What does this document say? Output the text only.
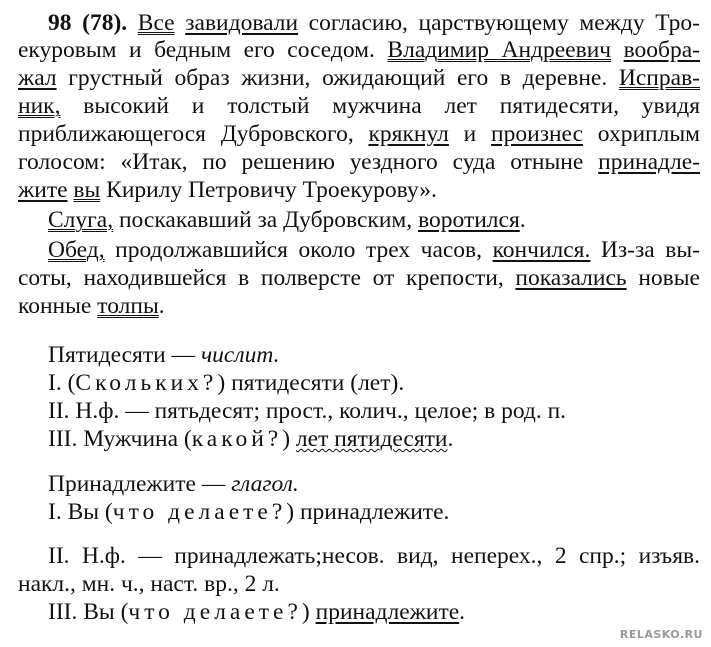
98 (78). Все завидовали согласию, царствующему между Тро-
екуровым и бедным его соседом. Владимир Андреевич вообра-
жал грустный образ жизни, ожидающий его в деревне. Исправ-
ник, высокий и толстый мужчина лет пятидесяти, увидя
приближающегося Дубровского, крякнул и произнес охриплым
голосом: «Итак, по решению уездного суда отныне принадле-
жите вы Кирилу Петровичу Троекурову».
Слуга, поскакавший за Дубровским, воротился.
Обед, продолжавшийся около трех часов, кончился. Из-за вы-
соты, находившейся в полверсте от крепости, показались новые
конные толпы.
Пятидесяти — числит.
I. (Скольких?) пятидесяти (лет).
II. Н.ф. — пятьдесят; прост., колич., целое; в род. п.
III. Мужчина (какой?) лет пятидесяти.
Принадлежите — глагол.
I. Вы (что делаете?) принадлежите.
II. Н.ф. — принадлежать;несов. вид, неперех., 2 спр.; изъяв.
накл., мн. ч., наст. вр., 2 л.
III. Вы (что делаете?) принадлежите.
RELASKO.RU
